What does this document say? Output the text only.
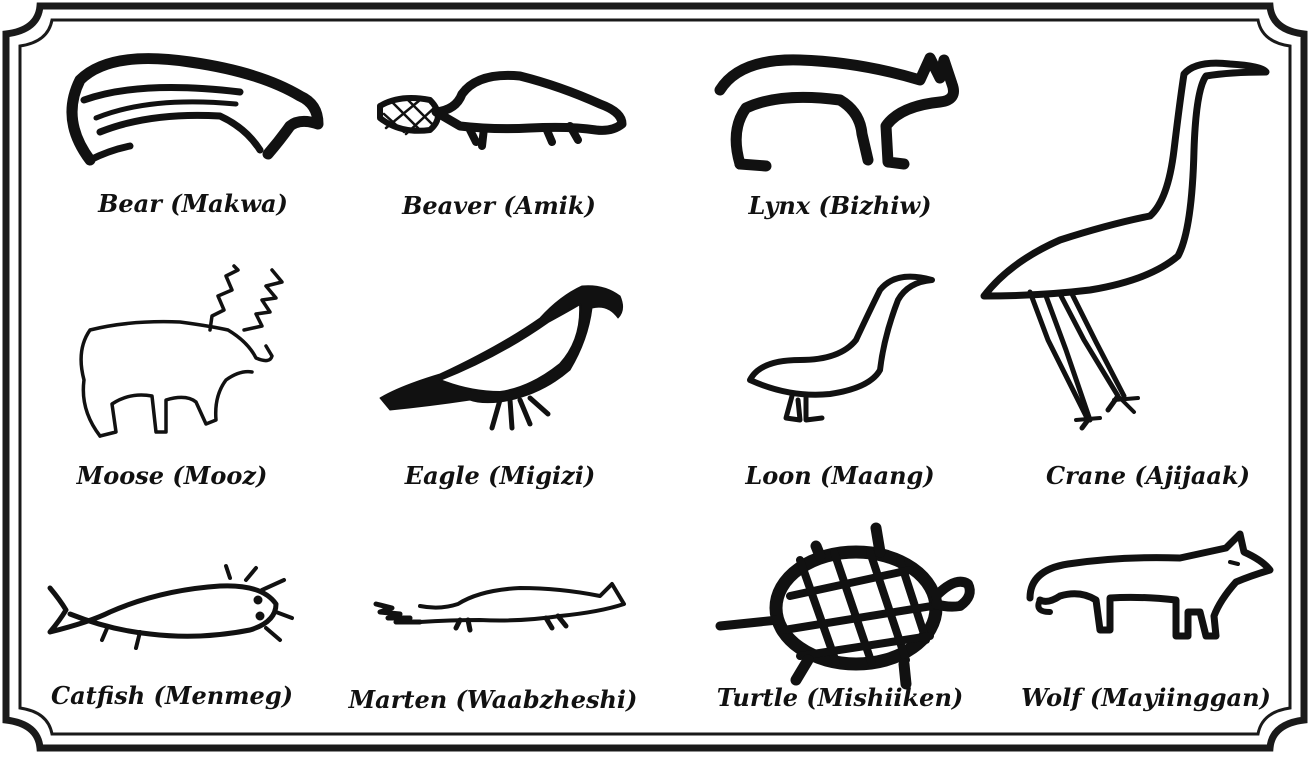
Bear (Makwa)	Beaver (Amik)	Lynx (Bizhiw)
Moose (Mooz)	Eagle (Migizi)	Loon (Maang)	Crane (Ajijaak)
Catfish (Menmeg) Marten (Waabzheshi)	Turtle (Mishiiken) Wolf (Mayiinggan)
